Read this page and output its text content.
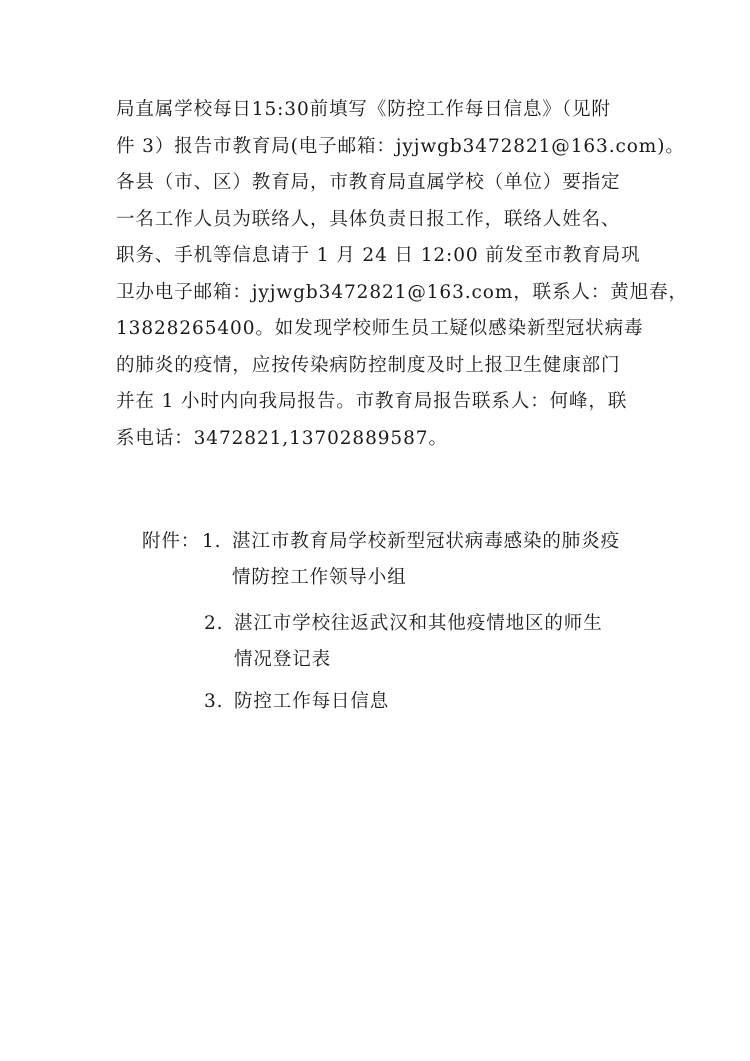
局直属学校每日15:30前填写《防控工作每日信息》（见附
件 3）报告市教育局(电子邮箱：jyjwgb3472821@163.com)。
各县（市、区）教育局，市教育局直属学校（单位）要指定
一名工作人员为联络人，具体负责日报工作，联络人姓名、
职务、手机等信息请于 1 月 24 日 12:00 前发至市教育局巩
卫办电子邮箱：jyjwgb3472821@163.com，联系人：黄旭春，
13828265400。如发现学校师生员工疑似感染新型冠状病毒
的肺炎的疫情，应按传染病防控制度及时上报卫生健康部门
并在 1 小时内向我局报告。市教育局报告联系人：何峰，联
系电话：3472821,13702889587。
附件： 1. 湛江市教育局学校新型冠状病毒感染的肺炎疫
情防控工作领导小组
2. 湛江市学校往返武汉和其他疫情地区的师生
情况登记表
3. 防控工作每日信息
